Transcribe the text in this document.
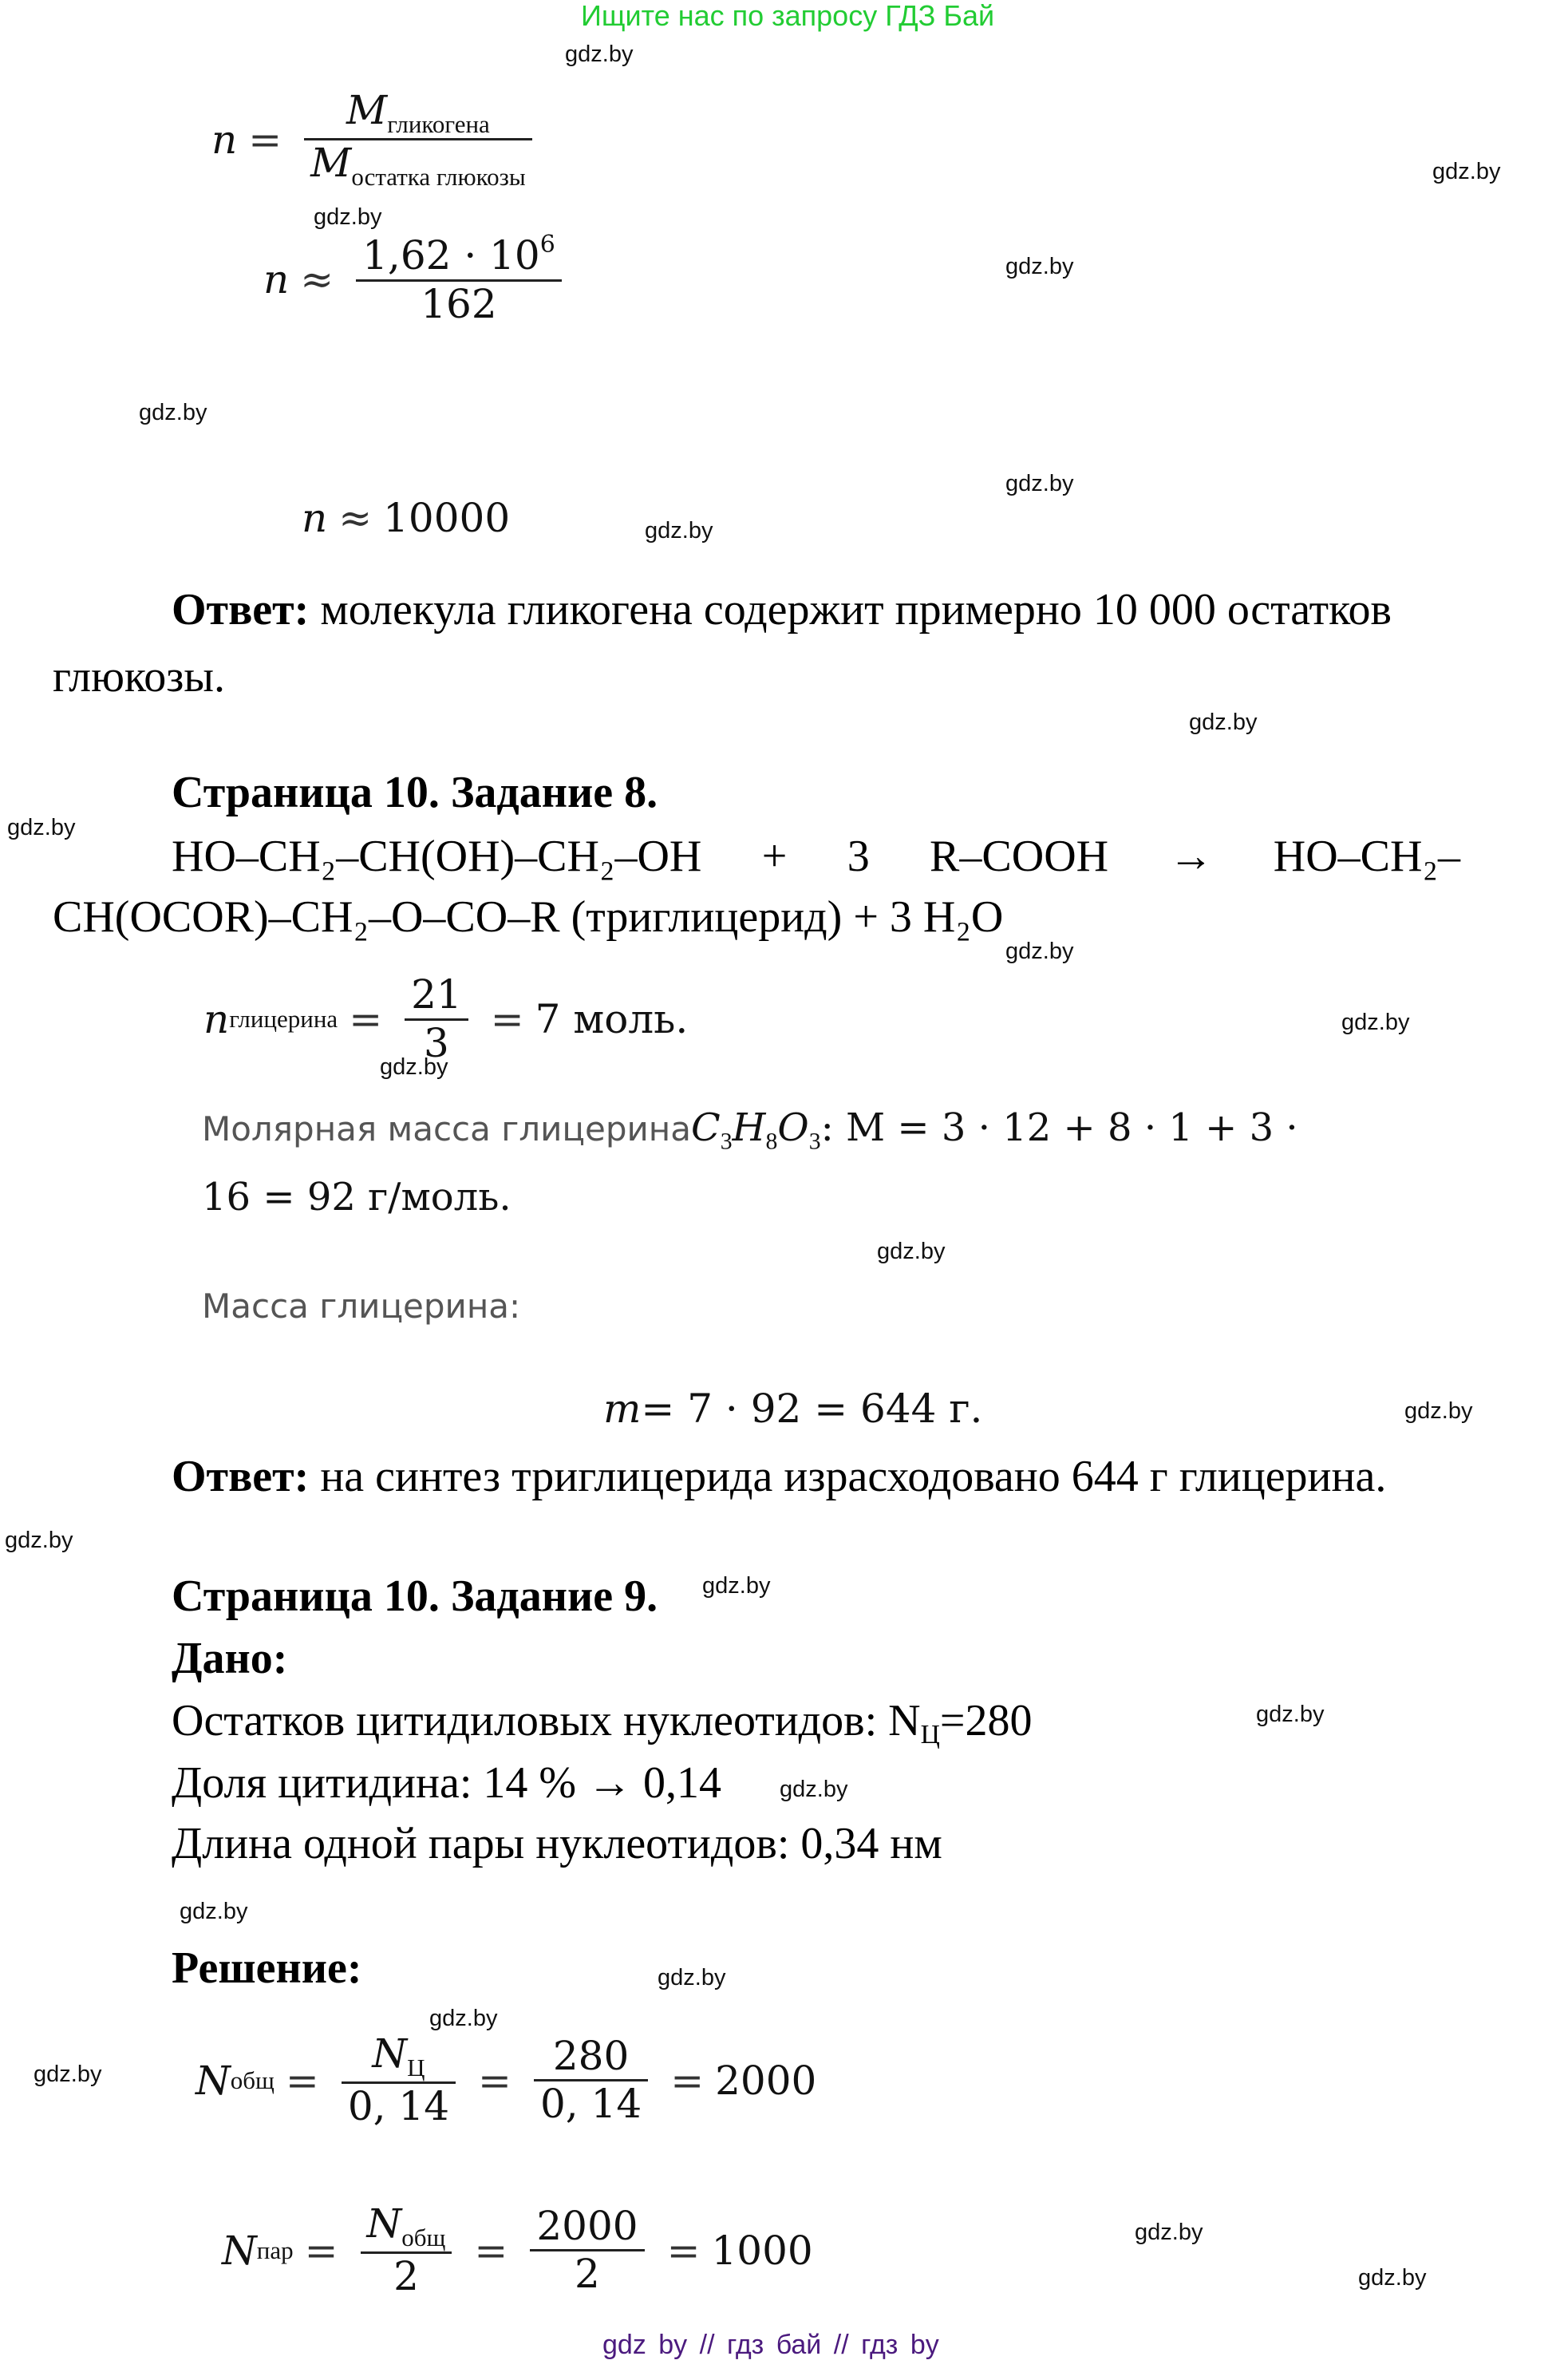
Ищите нас по запросу ГДЗ Бай
gdz.by
gdz.by
gdz.by
gdz.by
gdz.by
gdz.by
gdz.by
gdz.by
gdz.by
gdz.by
gdz.by
gdz.by
gdz.by
gdz.by
gdz.by
gdz.by
gdz.by
gdz.by
gdz.by
gdz.by
gdz.by
gdz.by
gdz.by
gdz.by
$n = \frac{M_{гликогена}}{M_{остатка глюкозы}}$
$n \approx \frac{1,62 \cdot 10^6}{162}$
n ≈ 10000
Ответ: молекула гликогена содержит примерно 10 000 остатков
глюкозы.
Страница 10. Задание 8.
HO–CH₂–CH(OH)–CH₂–OH + 3 R–COOH → HO–CH₂–
CH(OCOR)–CH₂–O–CO–R (триглицерид) + 3 H₂O
n глицерина = $\frac{21}{3} = 7$ моль.
Молярная масса глицерина $C_3H_8O_3$: M = 3 · 12 + 8 · 1 + 3 ·
16 = 92 г/моль.
Масса глицерина:
m = 7 · 92 = 644 г.
Ответ: на синтез триглицерида израсходовано 644 г глицерина.
Страница 10. Задание 9.
Дано:
Остатков цитидиловых нуклеотидов: NЦ=280
Доля цитидина: 14 % → 0,14
Длина одной пары нуклеотидов: 0,34 нм
Решение:
N общ = $\frac{N_Ц}{0, 14} = \frac{280}{0, 14} = 2000$
N пар = $\frac{N_{общ}}{2} = \frac{2000}{2} = 1000$
gdz by // гдз бай // гдз by
